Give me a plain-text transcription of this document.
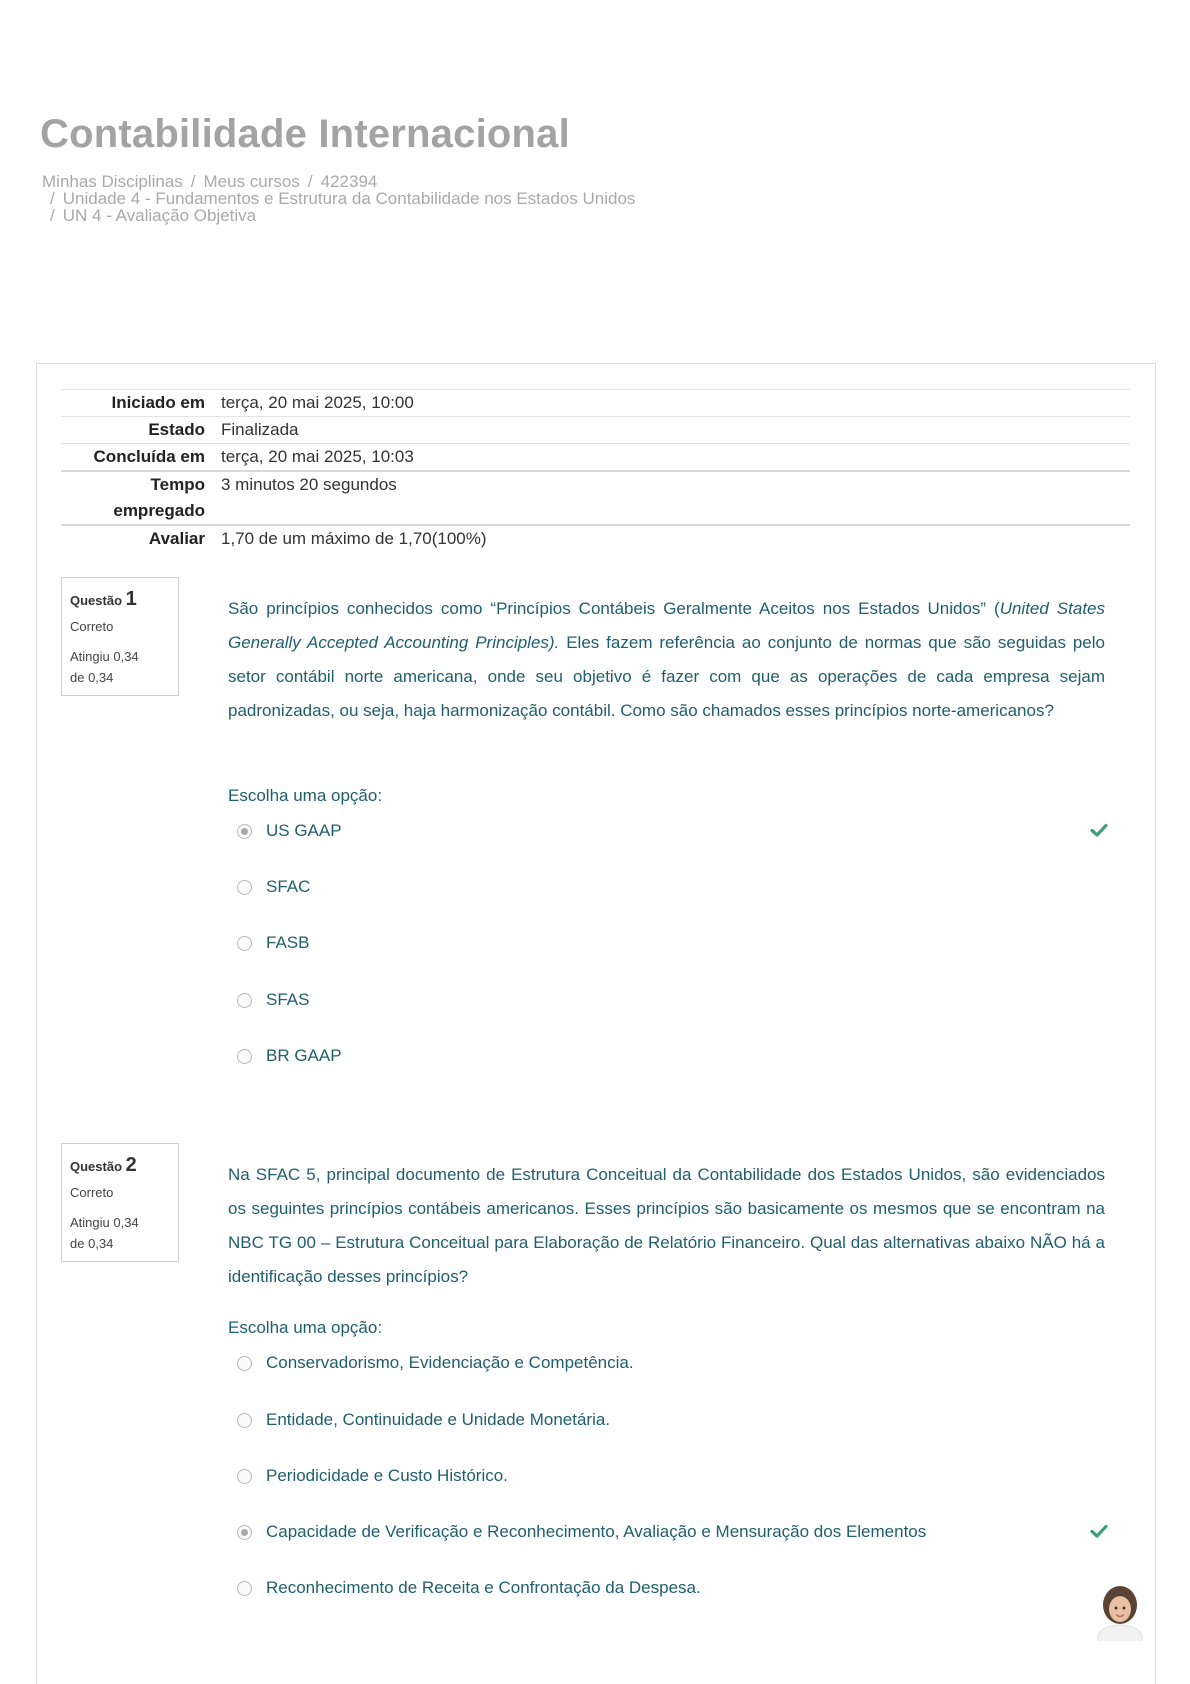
Contabilidade Internacional
Minhas Disciplinas / Meus cursos / 422394
/ Unidade 4 - Fundamentos e Estrutura da Contabilidade nos Estados Unidos
/ UN 4 - Avaliação Objetiva
Iniciado em terça, 20 mai 2025, 10:00
Estado Finalizada
Concluída em terça, 20 mai 2025, 10:03
Tempo
empregado
3 minutos 20 segundos
Avaliar 1,70 de um máximo de 1,70(100%)
Questão 1
Correto
Atingiu 0,34
de 0,34
São princípios conhecidos como “Princípios Contábeis Geralmente Aceitos nos Estados Unidos” (United States Generally Accepted Accounting Principles). Eles fazem referência ao conjunto de normas que são seguidas pelo setor contábil norte americana, onde seu objetivo é fazer com que as operações de cada empresa sejam padronizadas, ou seja, haja harmonização contábil. Como são chamados esses princípios norte-americanos?
Escolha uma opção:
US GAAP
SFAC
FASB
SFAS
BR GAAP
Questão 2
Correto
Atingiu 0,34
de 0,34
Na SFAC 5, principal documento de Estrutura Conceitual da Contabilidade dos Estados Unidos, são evidenciados os seguintes princípios contábeis americanos. Esses princípios são basicamente os mesmos que se encontram na NBC TG 00 – Estrutura Conceitual para Elaboração de Relatório Financeiro. Qual das alternativas abaixo NÃO há a identificação desses princípios?
Escolha uma opção:
Conservadorismo, Evidenciação e Competência.
Entidade, Continuidade e Unidade Monetária.
Periodicidade e Custo Histórico.
Capacidade de Verificação e Reconhecimento, Avaliação e Mensuração dos Elementos
Reconhecimento de Receita e Confrontação da Despesa.
